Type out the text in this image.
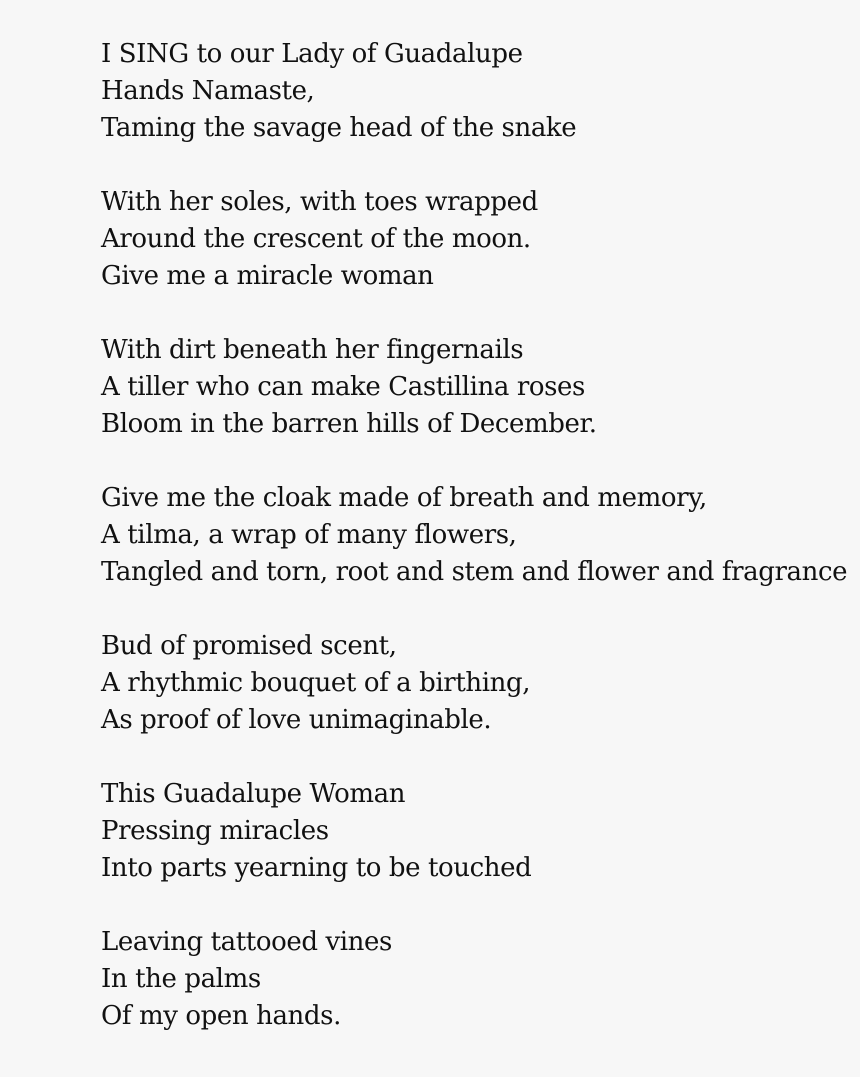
I SING to our Lady of Guadalupe
Hands Namaste,
Taming the savage head of the snake
With her soles, with toes wrapped
Around the crescent of the moon.
Give me a miracle woman
With dirt beneath her fingernails
A tiller who can make Castillina roses
Bloom in the barren hills of December.
Give me the cloak made of breath and memory,
A tilma, a wrap of many flowers,
Tangled and torn, root and stem and flower and fragrance
Bud of promised scent,
A rhythmic bouquet of a birthing,
As proof of love unimaginable.
This Guadalupe Woman
Pressing miracles
Into parts yearning to be touched
Leaving tattooed vines
In the palms
Of my open hands.
